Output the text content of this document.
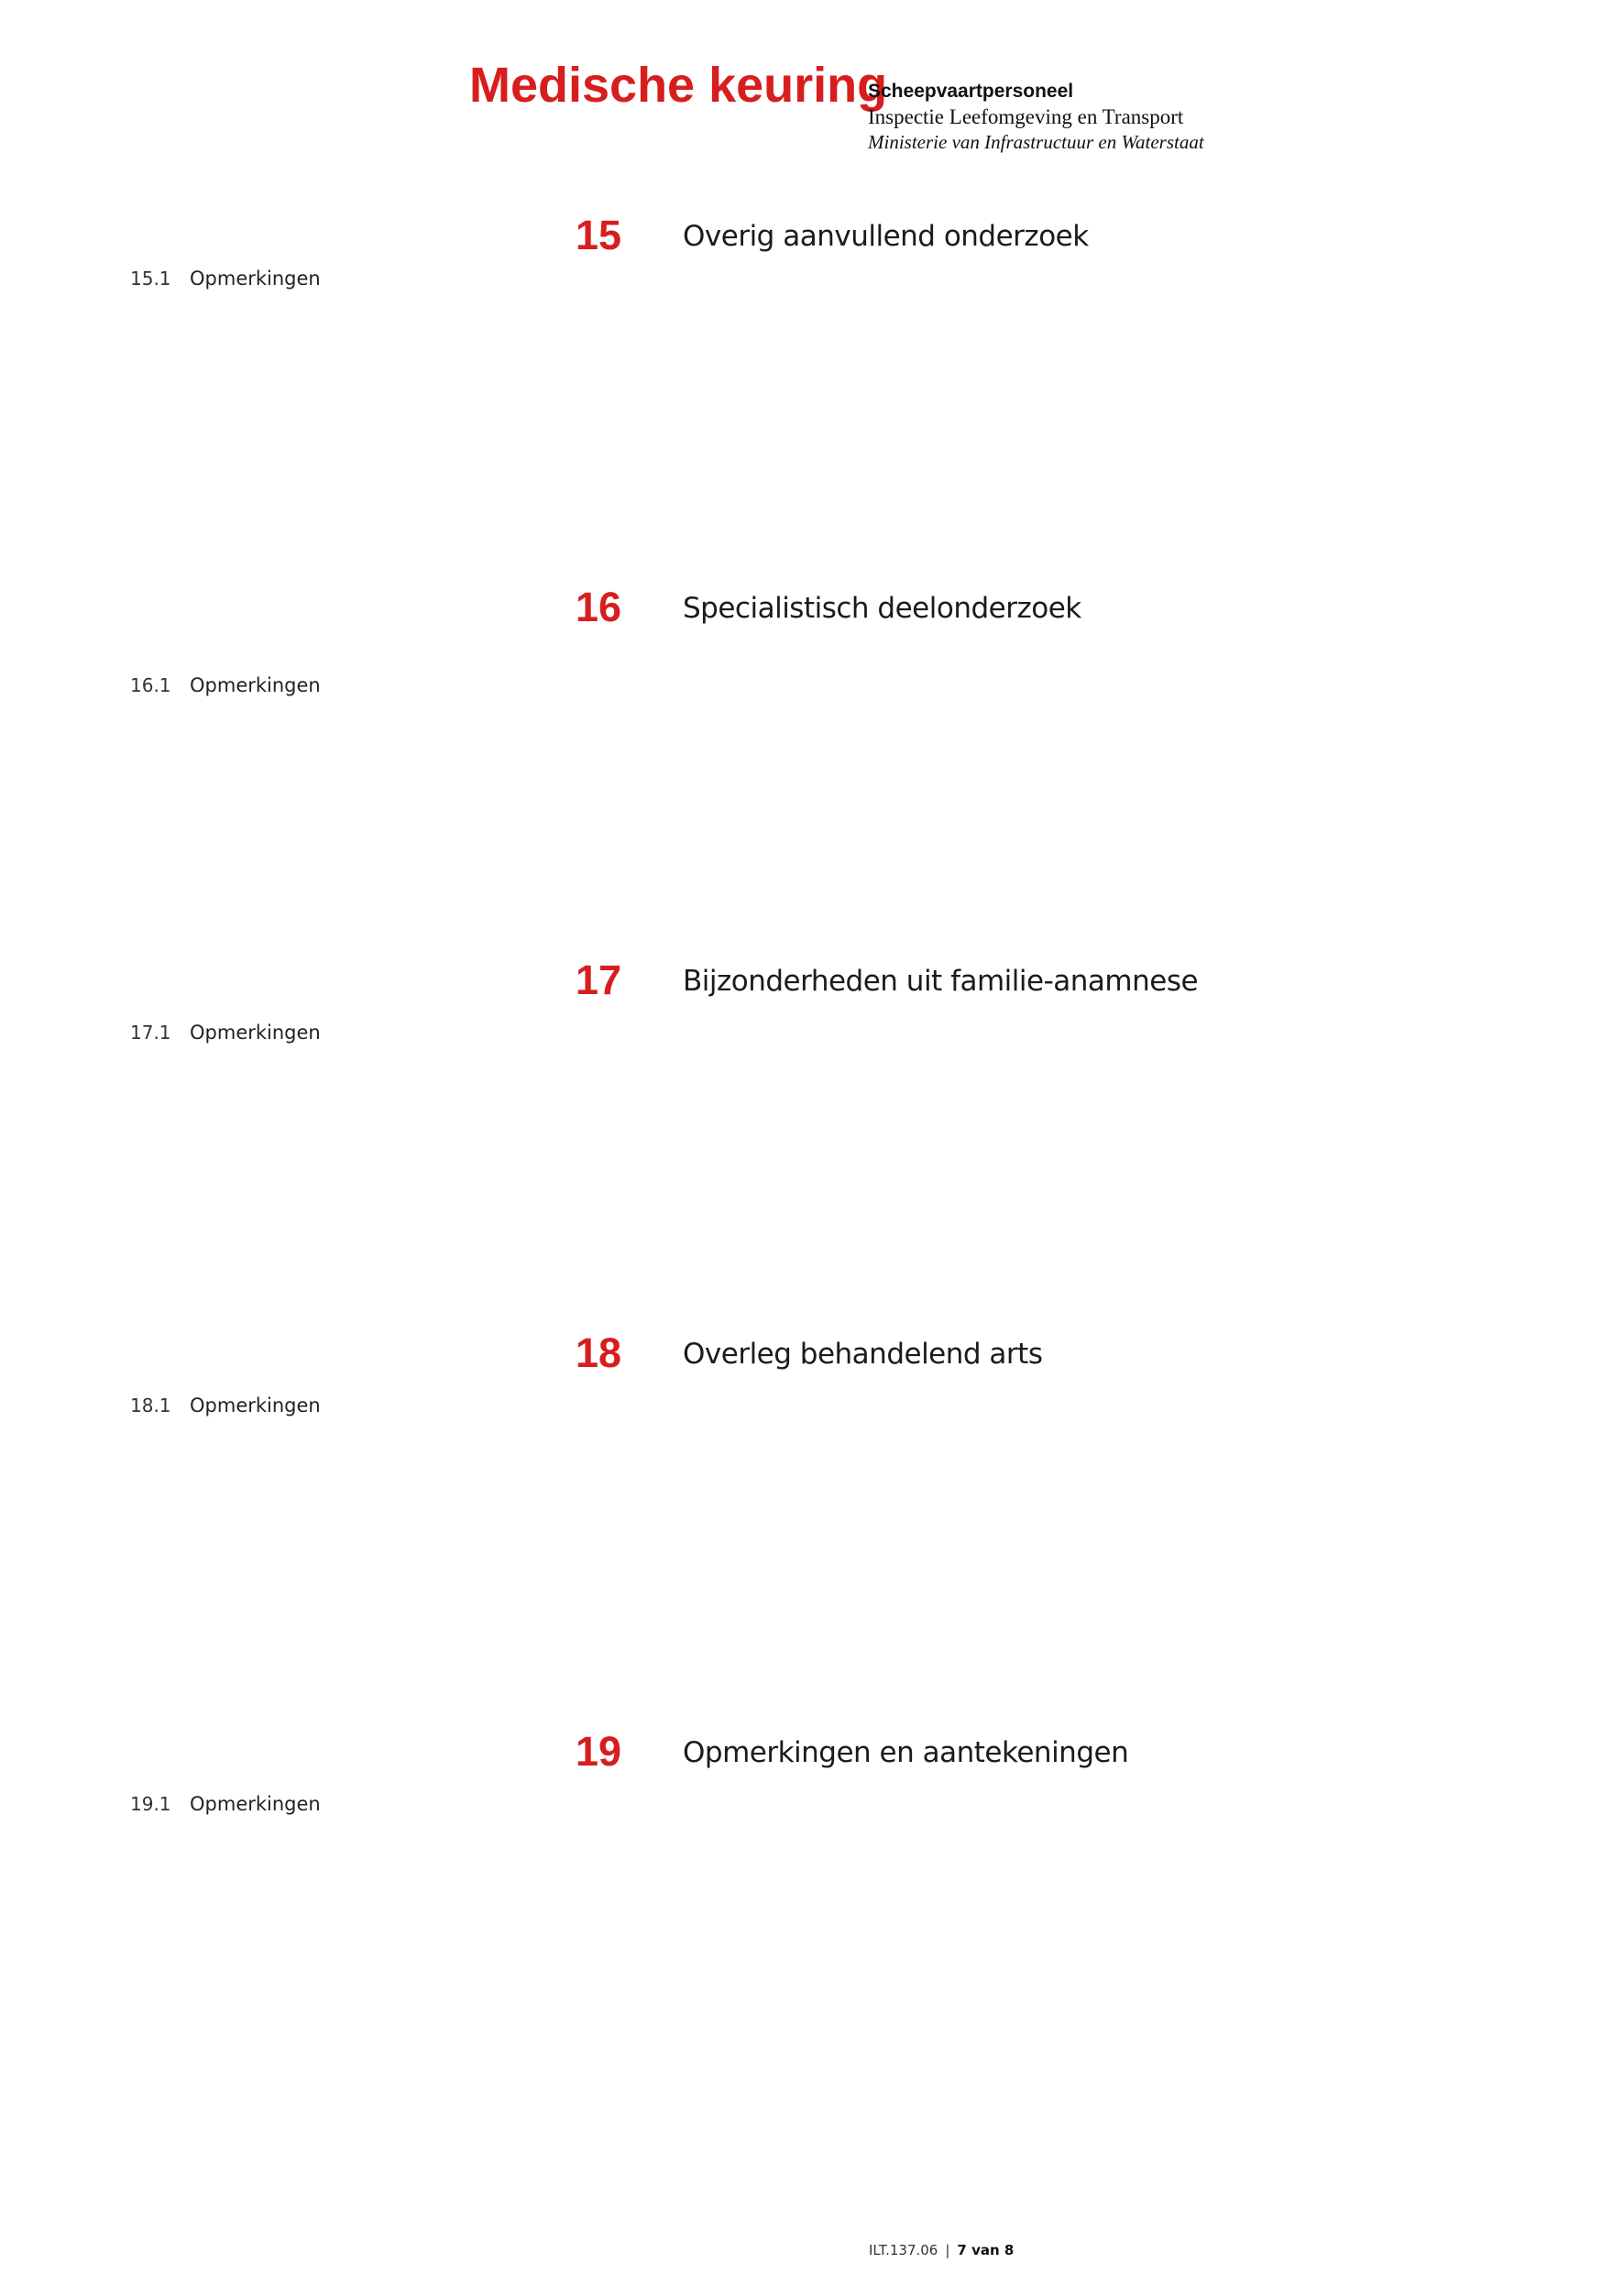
Medische keuring
Scheepvaartpersoneel
Inspectie Leefomgeving en Transport
Ministerie van Infrastructuur en Waterstaat
15	Overig aanvullend onderzoek
15.1 Opmerkingen
16	Specialistisch deelonderzoek
16.1 Opmerkingen
17	Bijzonderheden uit familie-anamnese
17.1 Opmerkingen
18	Overleg behandelend arts
18.1 Opmerkingen
19	Opmerkingen en aantekeningen
19.1 Opmerkingen
ILT.137.06 | 7 van 8
